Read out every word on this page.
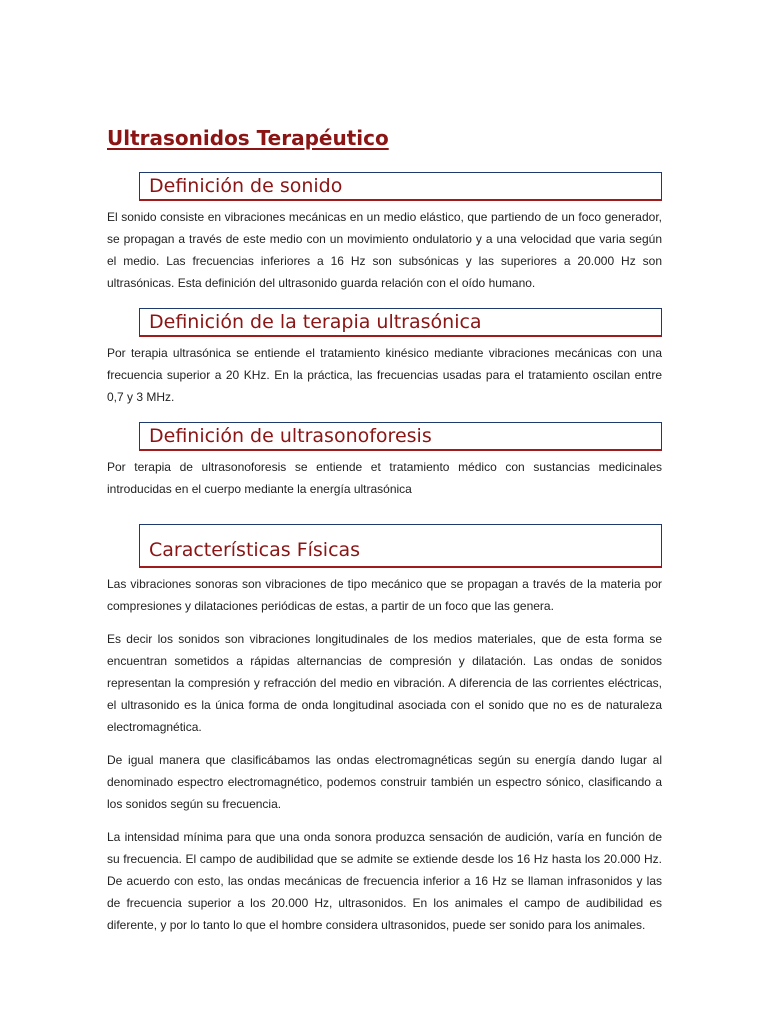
Ultrasonidos Terapéutico
Definición de sonido

El sonido consiste en vibraciones mecánicas en un medio elástico, que partiendo de un foco generador, se propagan a través de este medio con un movimiento ondulatorio y a una velocidad que varia según el medio. Las frecuencias inferiores a 16 Hz son subsónicas y las superiores a 20.000 Hz son ultrasónicas. Esta definición del ultrasonido guarda relación con el oído humano.

Definición de la terapia ultrasónica

Por terapia ultrasónica se entiende el tratamiento kinésico mediante vibraciones mecánicas con una frecuencia superior a 20 KHz. En la práctica, las frecuencias usadas para el tratamiento oscilan entre 0,7 y 3 MHz.

Definición de ultrasonoforesis

Por terapia de ultrasonoforesis se entiende et tratamiento médico con sustancias medicinales introducidas en el cuerpo mediante la energía ultrasónica

Características Físicas

Las vibraciones sonoras son vibraciones de tipo mecánico que se propagan a través de la materia por compresiones y dilataciones periódicas de estas, a partir de un foco que las genera.

Es decir los sonidos son vibraciones longitudinales de los medios materiales, que de esta forma se encuentran sometidos a rápidas alternancias de compresión y dilatación. Las ondas de sonidos representan la compresión y refracción del medio en vibración. A diferencia de las corrientes eléctricas, el ultrasonido es la única forma de onda longitudinal asociada con el sonido que no es de naturaleza electromagnética.

De igual manera que clasificábamos las ondas electromagnéticas según su energía dando lugar al denominado espectro electromagnético, podemos construir también un espectro sónico, clasificando a los sonidos según su frecuencia.

La intensidad mínima para que una onda sonora produzca sensación de audición, varía en función de su frecuencia. El campo de audibilidad que se admite se extiende desde los 16 Hz hasta los 20.000 Hz. De acuerdo con esto, las ondas mecánicas de frecuencia inferior a 16 Hz se llaman infrasonidos y las de frecuencia superior a los 20.000 Hz, ultrasonidos. En los animales el campo de audibilidad es diferente, y por lo tanto lo que el hombre considera ultrasonidos, puede ser sonido para los animales.
